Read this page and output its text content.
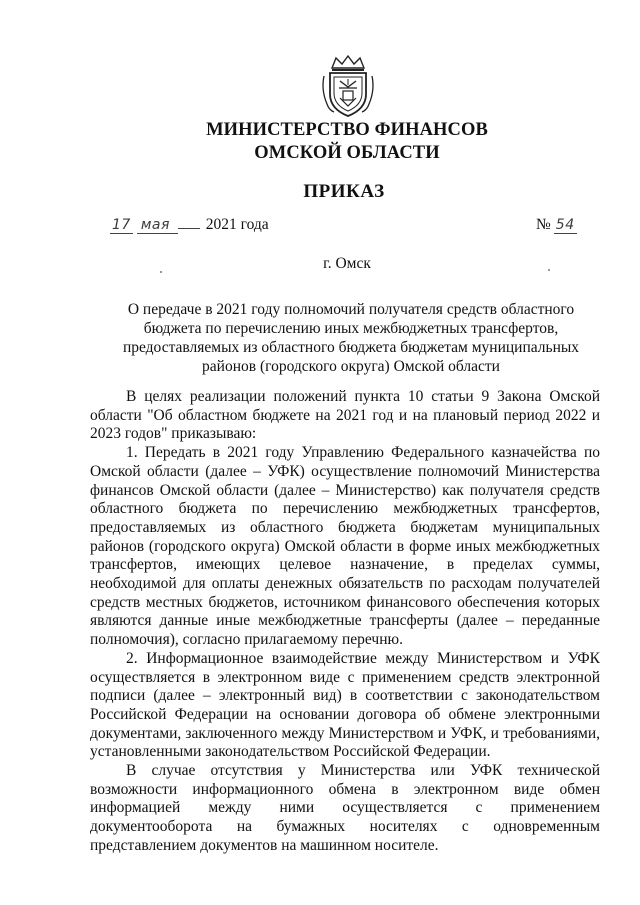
МИНИСТЕРСТВО ФИНАНСОВ
ОМСКОЙ ОБЛАСТИ
ПРИКАЗ
17 мая 2021 года	№ 54
г. Омск
О передаче в 2021 году полномочий получателя средств областного бюджета по перечислению иных межбюджетных трансфертов, предоставляемых из областного бюджета бюджетам муниципальных районов (городского округа) Омской области

В целях реализации положений пункта 10 статьи 9 Закона Омской области "Об областном бюджете на 2021 год и на плановый период 2022 и 2023 годов" приказываю:

1. Передать в 2021 году Управлению Федерального казначейства по Омской области (далее – УФК) осуществление полномочий Министерства финансов Омской области (далее – Министерство) как получателя средств областного бюджета по перечислению межбюджетных трансфертов, предоставляемых из областного бюджета бюджетам муниципальных районов (городского округа) Омской области в форме иных межбюджетных трансфертов, имеющих целевое назначение, в пределах суммы, необходимой для оплаты денежных обязательств по расходам получателей средств местных бюджетов, источником финансового обеспечения которых являются данные иные межбюджетные трансферты (далее – переданные полномочия), согласно прилагаемому перечню.

2. Информационное взаимодействие между Министерством и УФК осуществляется в электронном виде с применением средств электронной подписи (далее – электронный вид) в соответствии с законодательством Российской Федерации на основании договора об обмене электронными документами, заключенного между Министерством и УФК, и требованиями, установленными законодательством Российской Федерации.

В случае отсутствия у Министерства или УФК технической возможности информационного обмена в электронном виде обмен информацией между ними осуществляется с применением документооборота на бумажных носителях с одновременным представлением документов на машинном носителе.
